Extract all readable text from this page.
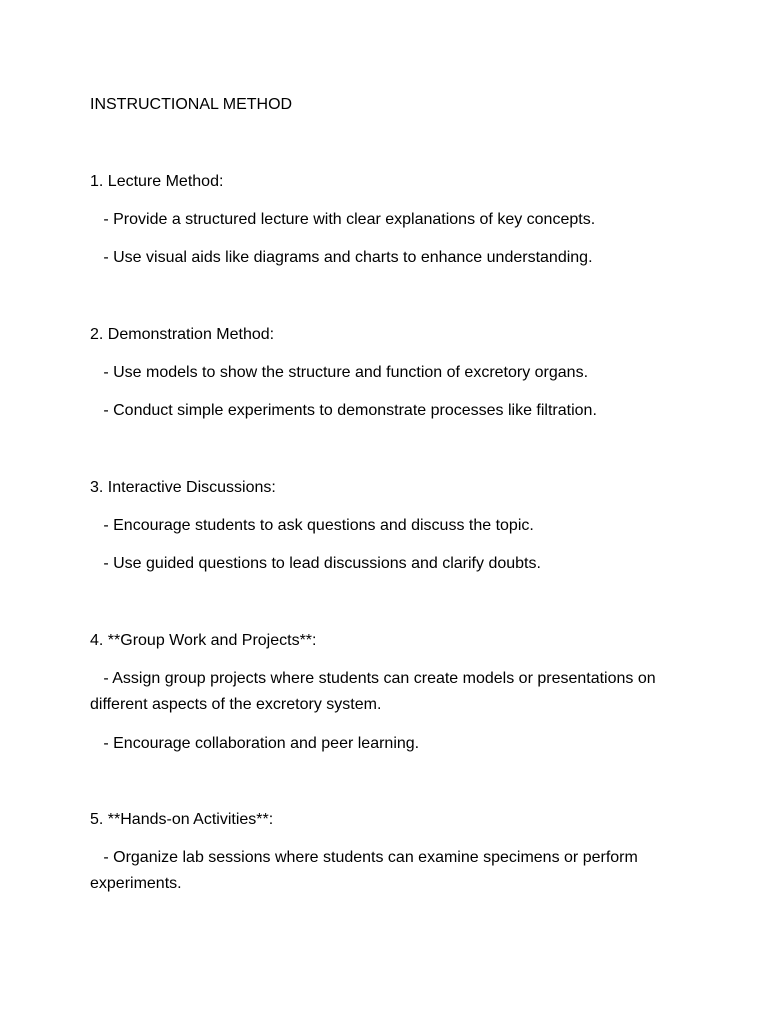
INSTRUCTIONAL METHOD

1. Lecture Method:

- Provide a structured lecture with clear explanations of key concepts.

- Use visual aids like diagrams and charts to enhance understanding.

2. Demonstration Method:

- Use models to show the structure and function of excretory organs.

- Conduct simple experiments to demonstrate processes like filtration.

3. Interactive Discussions:

- Encourage students to ask questions and discuss the topic.

- Use guided questions to lead discussions and clarify doubts.

4. **Group Work and Projects**:

- Assign group projects where students can create models or presentations on different aspects of the excretory system.

- Encourage collaboration and peer learning.

5. **Hands-on Activities**:

- Organize lab sessions where students can examine specimens or perform experiments.
